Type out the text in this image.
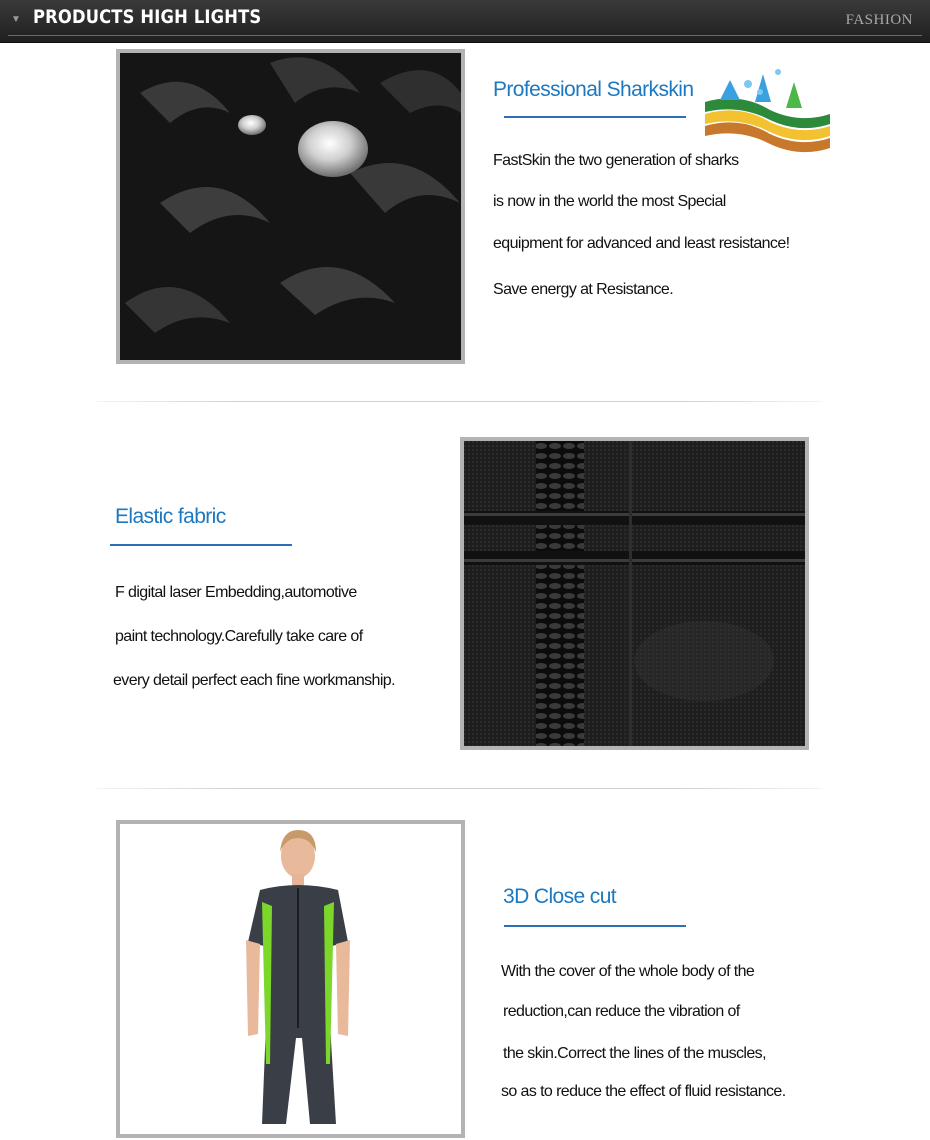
▼ PRODUCTS HIGH LIGHTS	FASHION
Professional Sharkskin
FastSkin the two generation of sharks
is now in the world the most Special
equipment for advanced and least resistance!
Save energy at Resistance.
Elastic fabric
F digital laser Embedding,automotive
paint technology.Carefully take care of
every detail perfect each fine workmanship.
3D Close cut
With the cover of the whole body of the
reduction,can reduce the vibration of
the skin.Correct the lines of the muscles,
so as to reduce the effect of fluid resistance.
